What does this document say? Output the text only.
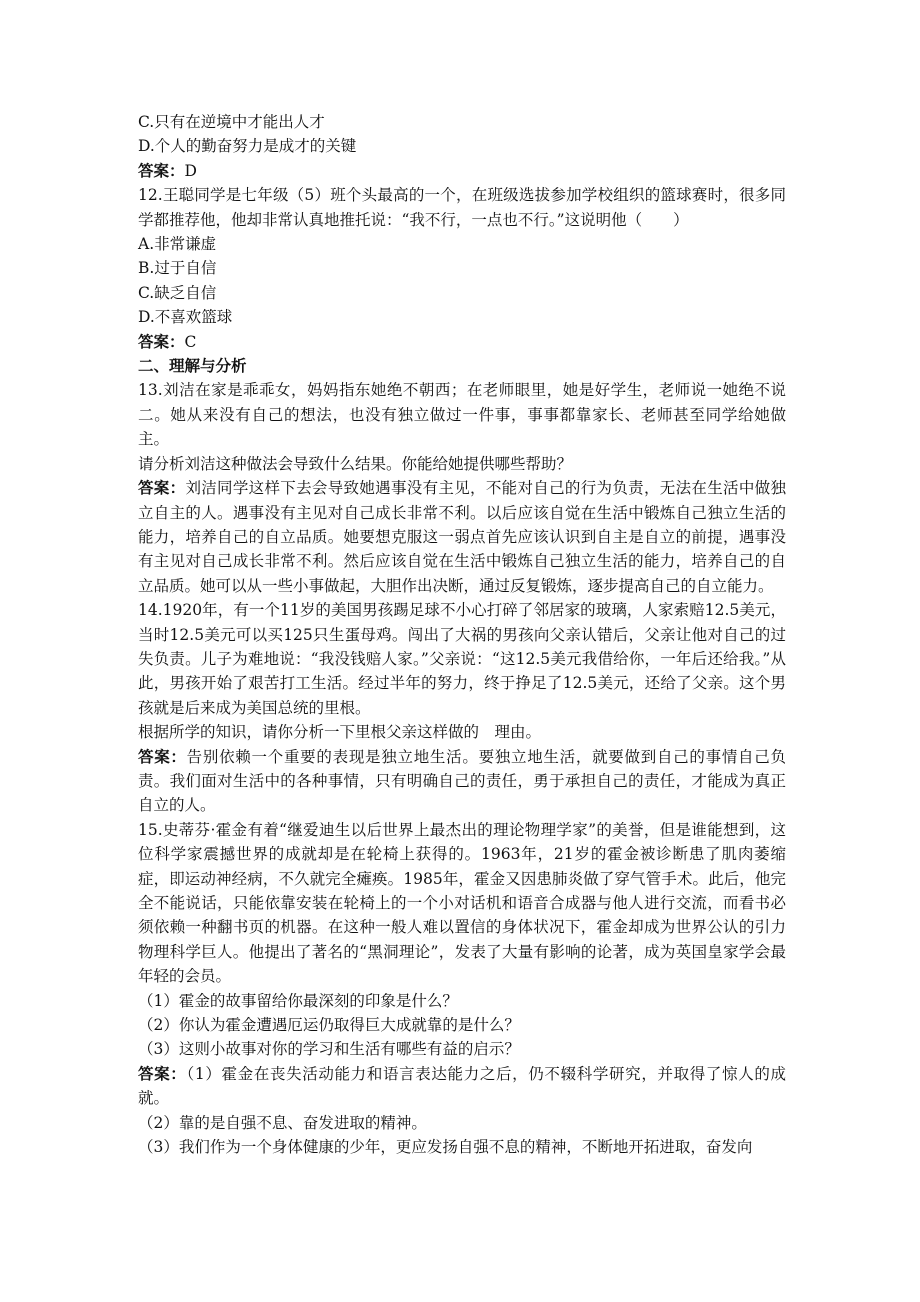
C.只有在逆境中才能出人才
D.个人的勤奋努力是成才的关键
答案：D
12.王聪同学是七年级（5）班个头最高的一个，在班级选拔参加学校组织的篮球赛时，很多同学都推荐他，他却非常认真地推托说：“我不行，一点也不行。”这说明他（　　）
A.非常谦虚
B.过于自信
C.缺乏自信
D.不喜欢篮球
答案：C
二、理解与分析
13.刘洁在家是乖乖女，妈妈指东她绝不朝西；在老师眼里，她是好学生，老师说一她绝不说二。她从来没有自己的想法，也没有独立做过一件事，事事都靠家长、老师甚至同学给她做主。
请分析刘洁这种做法会导致什么结果。你能给她提供哪些帮助？
答案：刘洁同学这样下去会导致她遇事没有主见，不能对自己的行为负责，无法在生活中做独立自主的人。遇事没有主见对自己成长非常不利。以后应该自觉在生活中锻炼自己独立生活的能力，培养自己的自立品质。她要想克服这一弱点首先应该认识到自主是自立的前提，遇事没有主见对自己成长非常不利。然后应该自觉在生活中锻炼自己独立生活的能力，培养自己的自立品质。她可以从一些小事做起，大胆作出决断，通过反复锻炼，逐步提高自己的自立能力。
14.1920年，有一个11岁的美国男孩踢足球不小心打碎了邻居家的玻璃，人家索赔12.5美元，当时12.5美元可以买125只生蛋母鸡。闯出了大祸的男孩向父亲认错后，父亲让他对自己的过失负责。儿子为难地说：“我没钱赔人家。”父亲说：“这12.5美元我借给你，一年后还给我。”从此，男孩开始了艰苦打工生活。经过半年的努力，终于挣足了12.5美元，还给了父亲。这个男孩就是后来成为美国总统的里根。
根据所学的知识，请你分析一下里根父亲这样做的　理由。
答案：告别依赖一个重要的表现是独立地生活。要独立地生活，就要做到自己的事情自己负责。我们面对生活中的各种事情，只有明确自己的责任，勇于承担自己的责任，才能成为真正自立的人。
15.史蒂芬·霍金有着“继爱迪生以后世界上最杰出的理论物理学家”的美誉，但是谁能想到，这位科学家震撼世界的成就却是在轮椅上获得的。1963年，21岁的霍金被诊断患了肌肉萎缩症，即运动神经病，不久就完全瘫痪。1985年，霍金又因患肺炎做了穿气管手术。此后，他完全不能说话，只能依靠安装在轮椅上的一个小对话机和语音合成器与他人进行交流，而看书必须依赖一种翻书页的机器。在这种一般人难以置信的身体状况下，霍金却成为世界公认的引力物理科学巨人。他提出了著名的“黑洞理论”，发表了大量有影响的论著，成为英国皇家学会最年轻的会员。
（1）霍金的故事留给你最深刻的印象是什么？
（2）你认为霍金遭遇厄运仍取得巨大成就靠的是什么？
（3）这则小故事对你的学习和生活有哪些有益的启示？
答案：（1）霍金在丧失活动能力和语言表达能力之后，仍不辍科学研究，并取得了惊人的成就。
（2）靠的是自强不息、奋发进取的精神。
（3）我们作为一个身体健康的少年，更应发扬自强不息的精神，不断地开拓进取，奋发向
